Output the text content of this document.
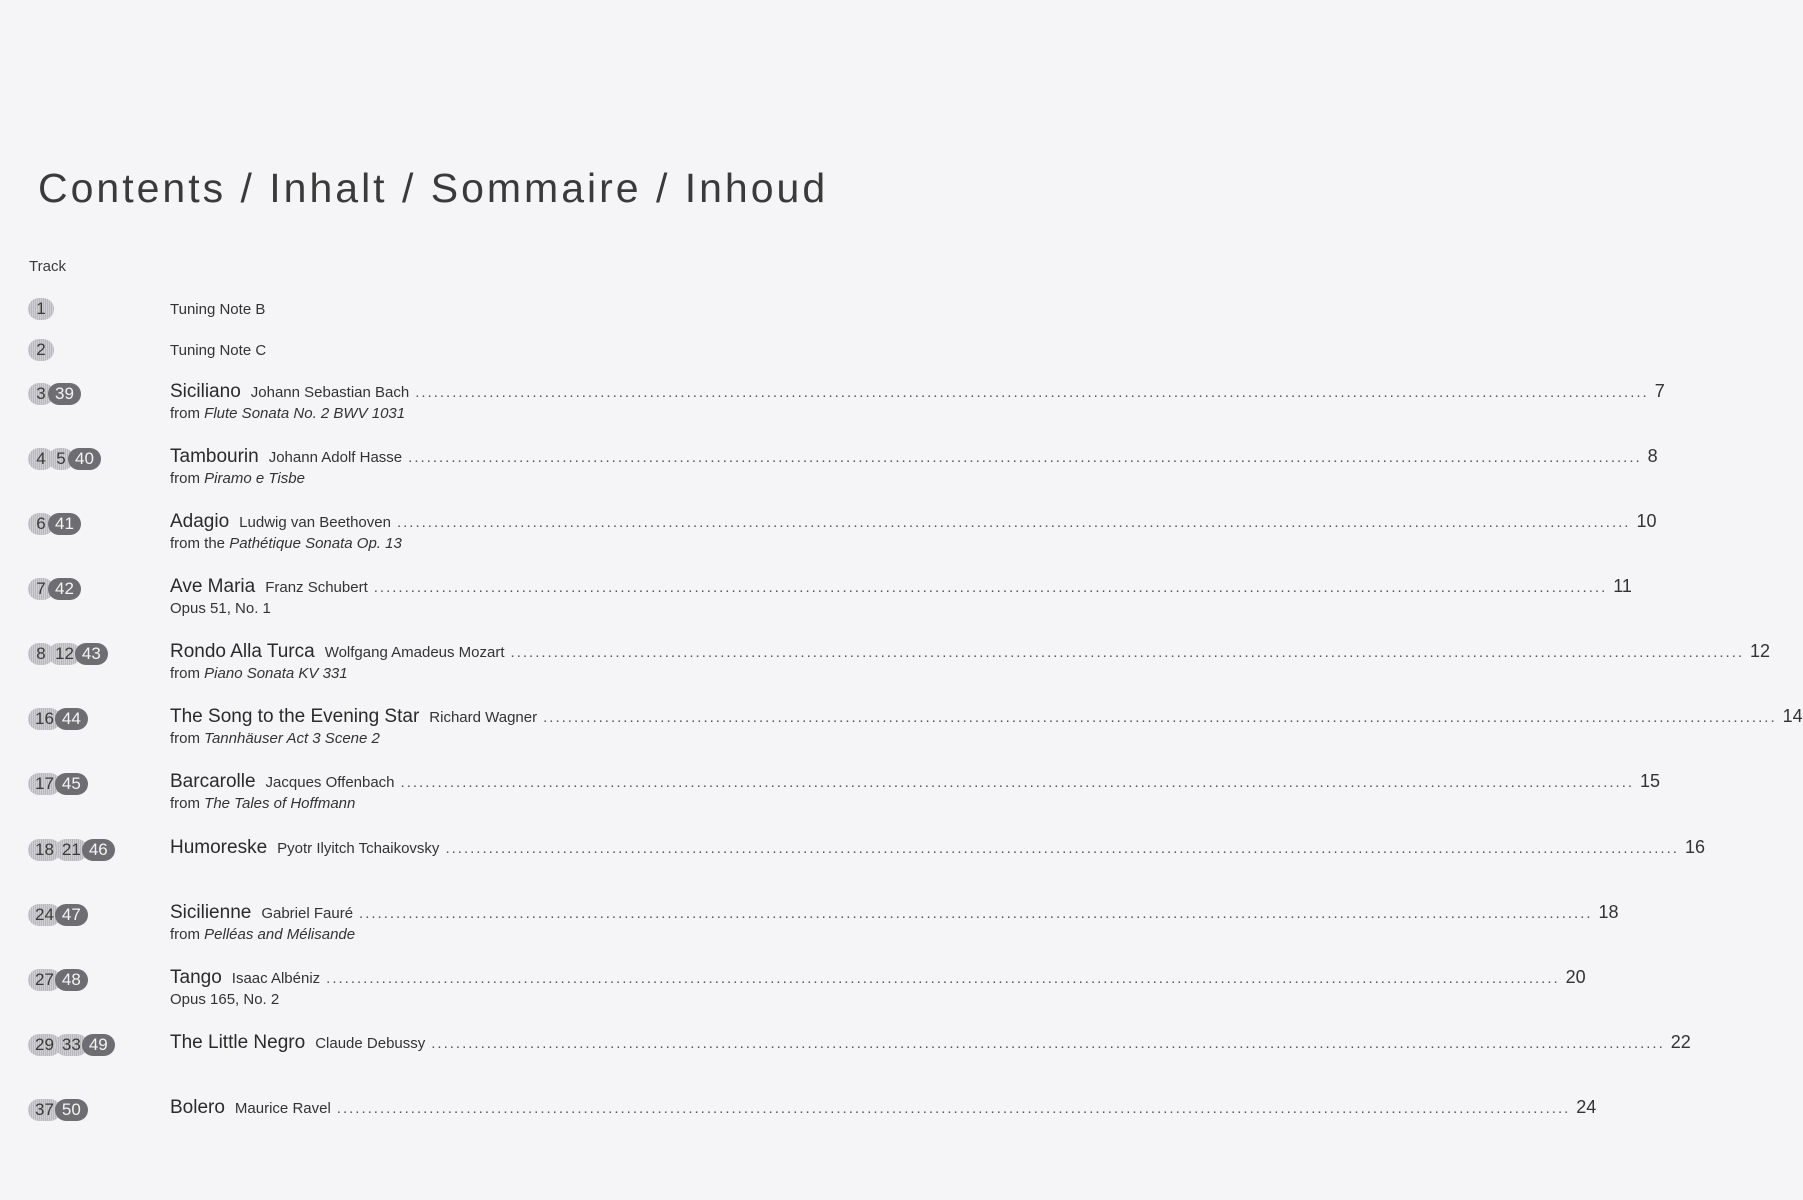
Contents / Inhalt / Sommaire / Inhoud
Track
1	Tuning Note B
2	Tuning Note C
3 39	Siciliano Johann Sebastian Bach ........................................................................................................................................................................................................ 7
from Flute Sonata No. 2 BWV 1031
4 5 40	Tambourin Johann Adolf Hasse ........................................................................................................................................................................................................ 8
from Piramo e Tisbe
6 41	Adagio Ludwig van Beethoven ........................................................................................................................................................................................................ 10
from the Pathétique Sonata Op. 13
7 42	Ave Maria Franz Schubert ........................................................................................................................................................................................................ 11
Opus 51, No. 1
8 12 43	Rondo Alla Turca Wolfgang Amadeus Mozart ........................................................................................................................................................................................................ 12
from Piano Sonata KV 331
16 44	The Song to the Evening Star Richard Wagner ........................................................................................................................................................................................................ 14
from Tannhäuser Act 3 Scene 2
17 45	Barcarolle Jacques Offenbach ........................................................................................................................................................................................................ 15
from The Tales of Hoffmann
18 21 46	Humoreske Pyotr Ilyitch Tchaikovsky ........................................................................................................................................................................................................ 16
24 47	Sicilienne Gabriel Fauré ........................................................................................................................................................................................................ 18
from Pelléas and Mélisande
27 48	Tango Isaac Albéniz ........................................................................................................................................................................................................ 20
Opus 165, No. 2
29 33 49	The Little Negro Claude Debussy ........................................................................................................................................................................................................ 22
37 50	Bolero Maurice Ravel ........................................................................................................................................................................................................ 24
